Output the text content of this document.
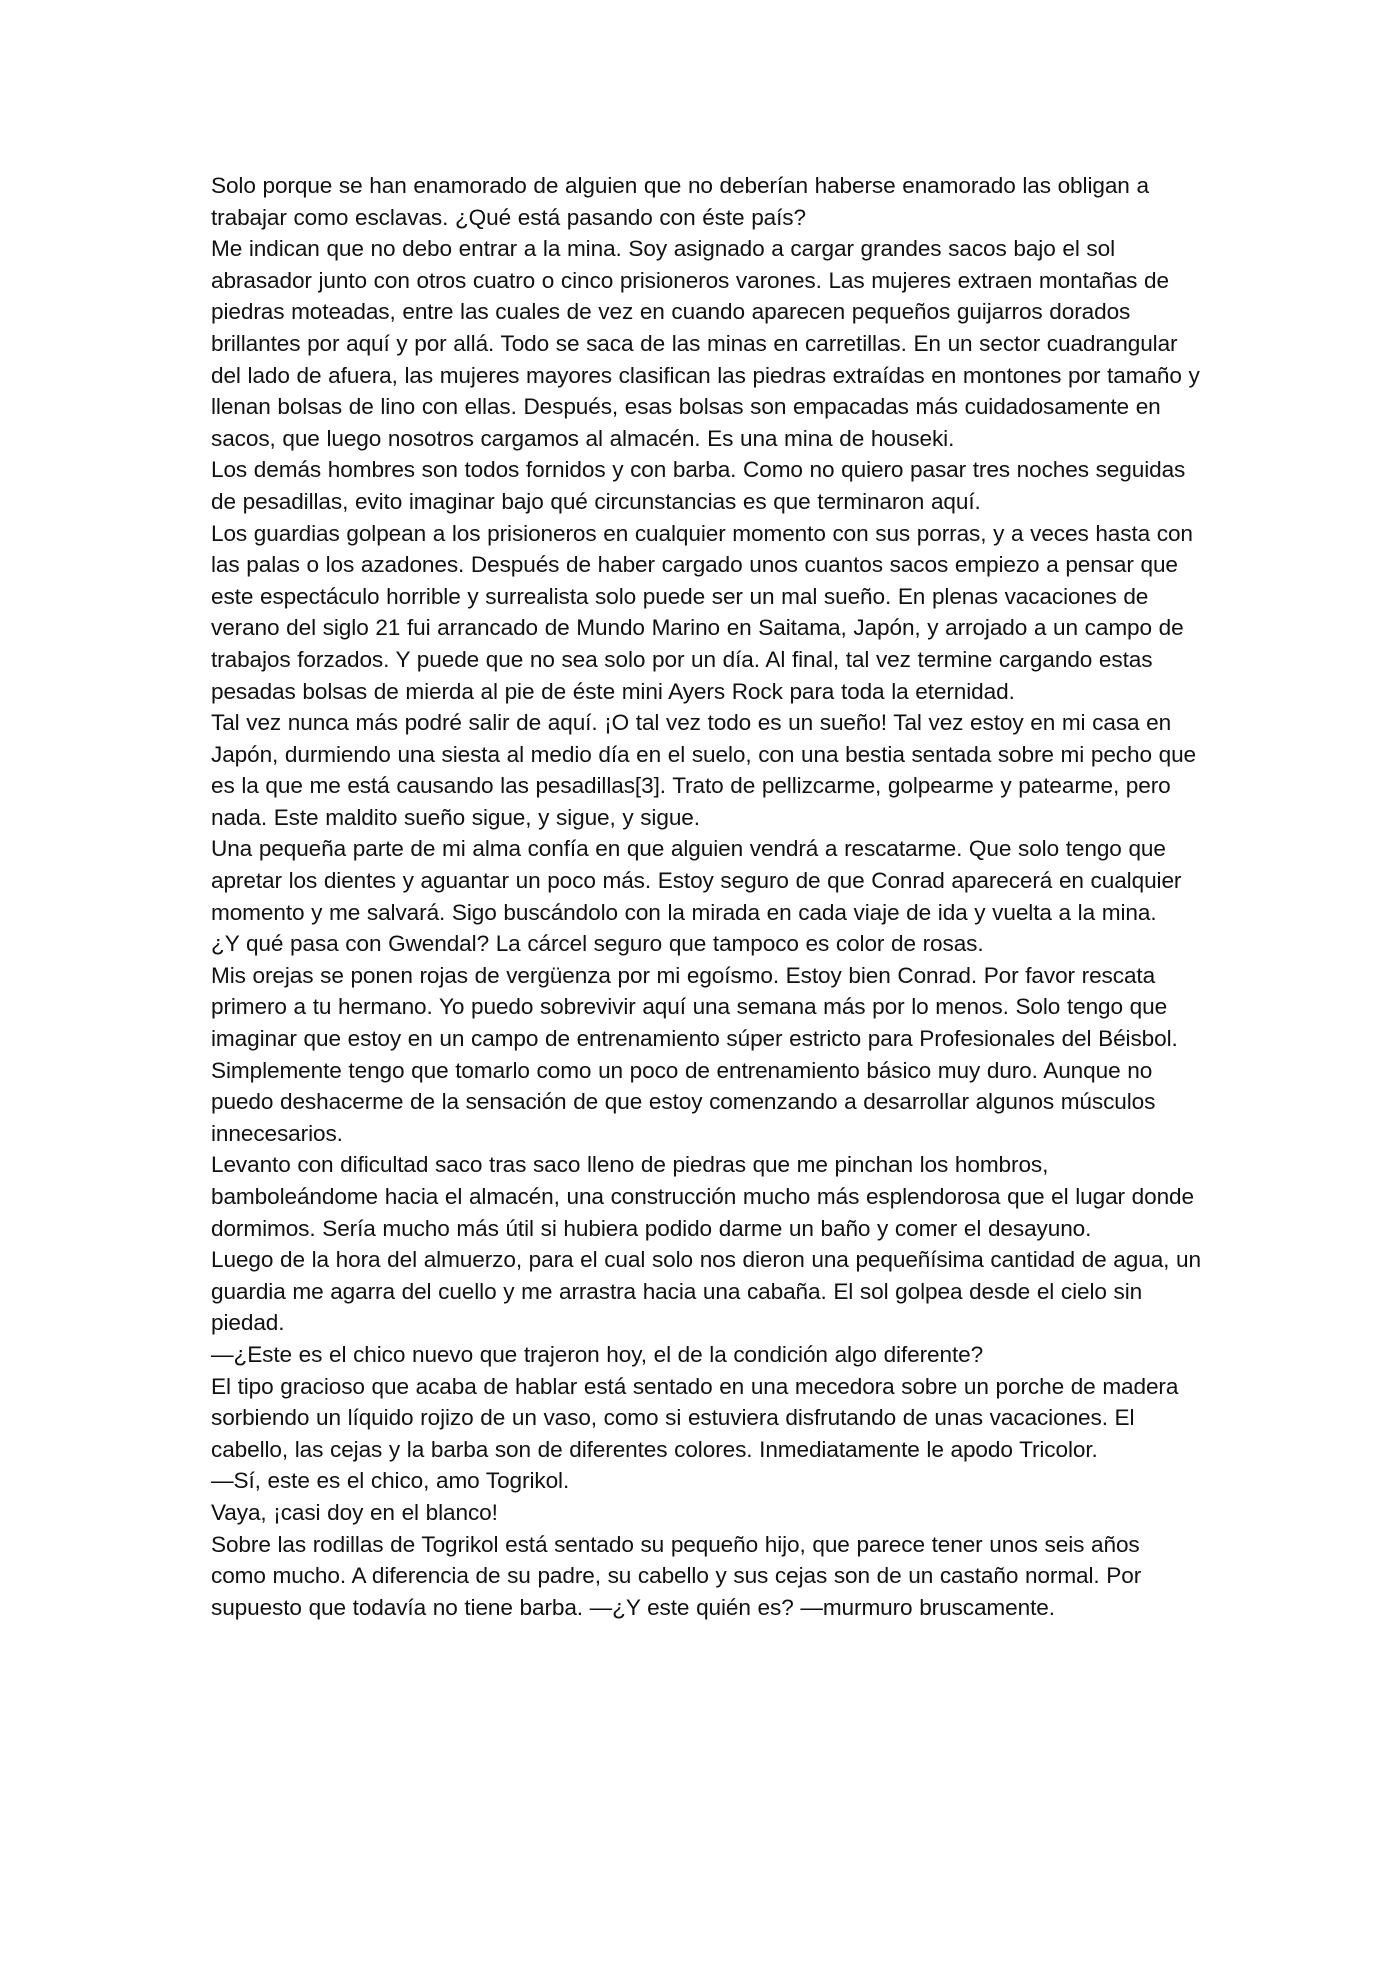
Solo porque se han enamorado de alguien que no deberían haberse enamorado las obligan a trabajar como esclavas. ¿Qué está pasando con éste país?

Me indican que no debo entrar a la mina. Soy asignado a cargar grandes sacos bajo el sol abrasador junto con otros cuatro o cinco prisioneros varones. Las mujeres extraen montañas de piedras moteadas, entre las cuales de vez en cuando aparecen pequeños guijarros dorados brillantes por aquí y por allá. Todo se saca de las minas en carretillas. En un sector cuadrangular del lado de afuera, las mujeres mayores clasifican las piedras extraídas en montones por tamaño y llenan bolsas de lino con ellas. Después, esas bolsas son empacadas más cuidadosamente en sacos, que luego nosotros cargamos al almacén. Es una mina de houseki.

Los demás hombres son todos fornidos y con barba. Como no quiero pasar tres noches seguidas de pesadillas, evito imaginar bajo qué circunstancias es que terminaron aquí.

Los guardias golpean a los prisioneros en cualquier momento con sus porras, y a veces hasta con las palas o los azadones. Después de haber cargado unos cuantos sacos empiezo a pensar que este espectáculo horrible y surrealista solo puede ser un mal sueño. En plenas vacaciones de verano del siglo 21 fui arrancado de Mundo Marino en Saitama, Japón, y arrojado a un campo de trabajos forzados. Y puede que no sea solo por un día. Al final, tal vez termine cargando estas pesadas bolsas de mierda al pie de éste mini Ayers Rock para toda la eternidad.

Tal vez nunca más podré salir de aquí. ¡O tal vez todo es un sueño! Tal vez estoy en mi casa en Japón, durmiendo una siesta al medio día en el suelo, con una bestia sentada sobre mi pecho que es la que me está causando las pesadillas[3]. Trato de pellizcarme, golpearme y patearme, pero nada. Este maldito sueño sigue, y sigue, y sigue.

Una pequeña parte de mi alma confía en que alguien vendrá a rescatarme. Que solo tengo que apretar los dientes y aguantar un poco más. Estoy seguro de que Conrad aparecerá en cualquier momento y me salvará. Sigo buscándolo con la mirada en cada viaje de ida y vuelta a la mina.

¿Y qué pasa con Gwendal? La cárcel seguro que tampoco es color de rosas.

Mis orejas se ponen rojas de vergüenza por mi egoísmo. Estoy bien Conrad. Por favor rescata primero a tu hermano. Yo puedo sobrevivir aquí una semana más por lo menos. Solo tengo que imaginar que estoy en un campo de entrenamiento súper estricto para Profesionales del Béisbol. Simplemente tengo que tomarlo como un poco de entrenamiento básico muy duro. Aunque no puedo deshacerme de la sensación de que estoy comenzando a desarrollar algunos músculos innecesarios.

Levanto con dificultad saco tras saco lleno de piedras que me pinchan los hombros, bamboleándome hacia el almacén, una construcción mucho más esplendorosa que el lugar donde dormimos. Sería mucho más útil si hubiera podido darme un baño y comer el desayuno.

Luego de la hora del almuerzo, para el cual solo nos dieron una pequeñísima cantidad de agua, un guardia me agarra del cuello y me arrastra hacia una cabaña. El sol golpea desde el cielo sin piedad.

—¿Este es el chico nuevo que trajeron hoy, el de la condición algo diferente?

El tipo gracioso que acaba de hablar está sentado en una mecedora sobre un porche de madera sorbiendo un líquido rojizo de un vaso, como si estuviera disfrutando de unas vacaciones. El cabello, las cejas y la barba son de diferentes colores. Inmediatamente le apodo Tricolor.

—Sí, este es el chico, amo Togrikol.

Vaya, ¡casi doy en el blanco!

Sobre las rodillas de Togrikol está sentado su pequeño hijo, que parece tener unos seis años como mucho. A diferencia de su padre, su cabello y sus cejas son de un castaño normal. Por supuesto que todavía no tiene barba. —¿Y este quién es? —murmuro bruscamente.
